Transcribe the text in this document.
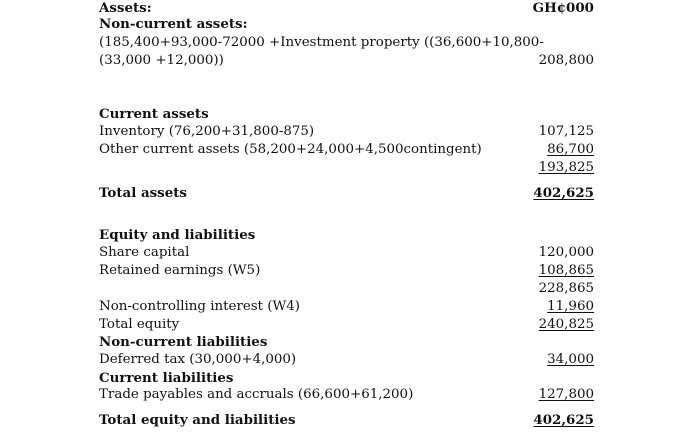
Assets:	GH¢000
Non-current assets:
(185,400+93,000-72000 +Investment property ((36,600+10,800-
(33,000 +12,000))	208,800
Current assets
Inventory (76,200+31,800-875)	107,125
Other current assets (58,200+24,000+4,500contingent)	86,700
193,825
Total assets	402,625
Equity and liabilities
Share capital	120,000
Retained earnings (W5)	108,865
228,865
Non-controlling interest (W4)	11,960
Total equity	240,825
Non-current liabilities
Deferred tax (30,000+4,000)	34,000
Current liabilities
Trade payables and accruals (66,600+61,200)	127,800
Total equity and liabilities	402,625
